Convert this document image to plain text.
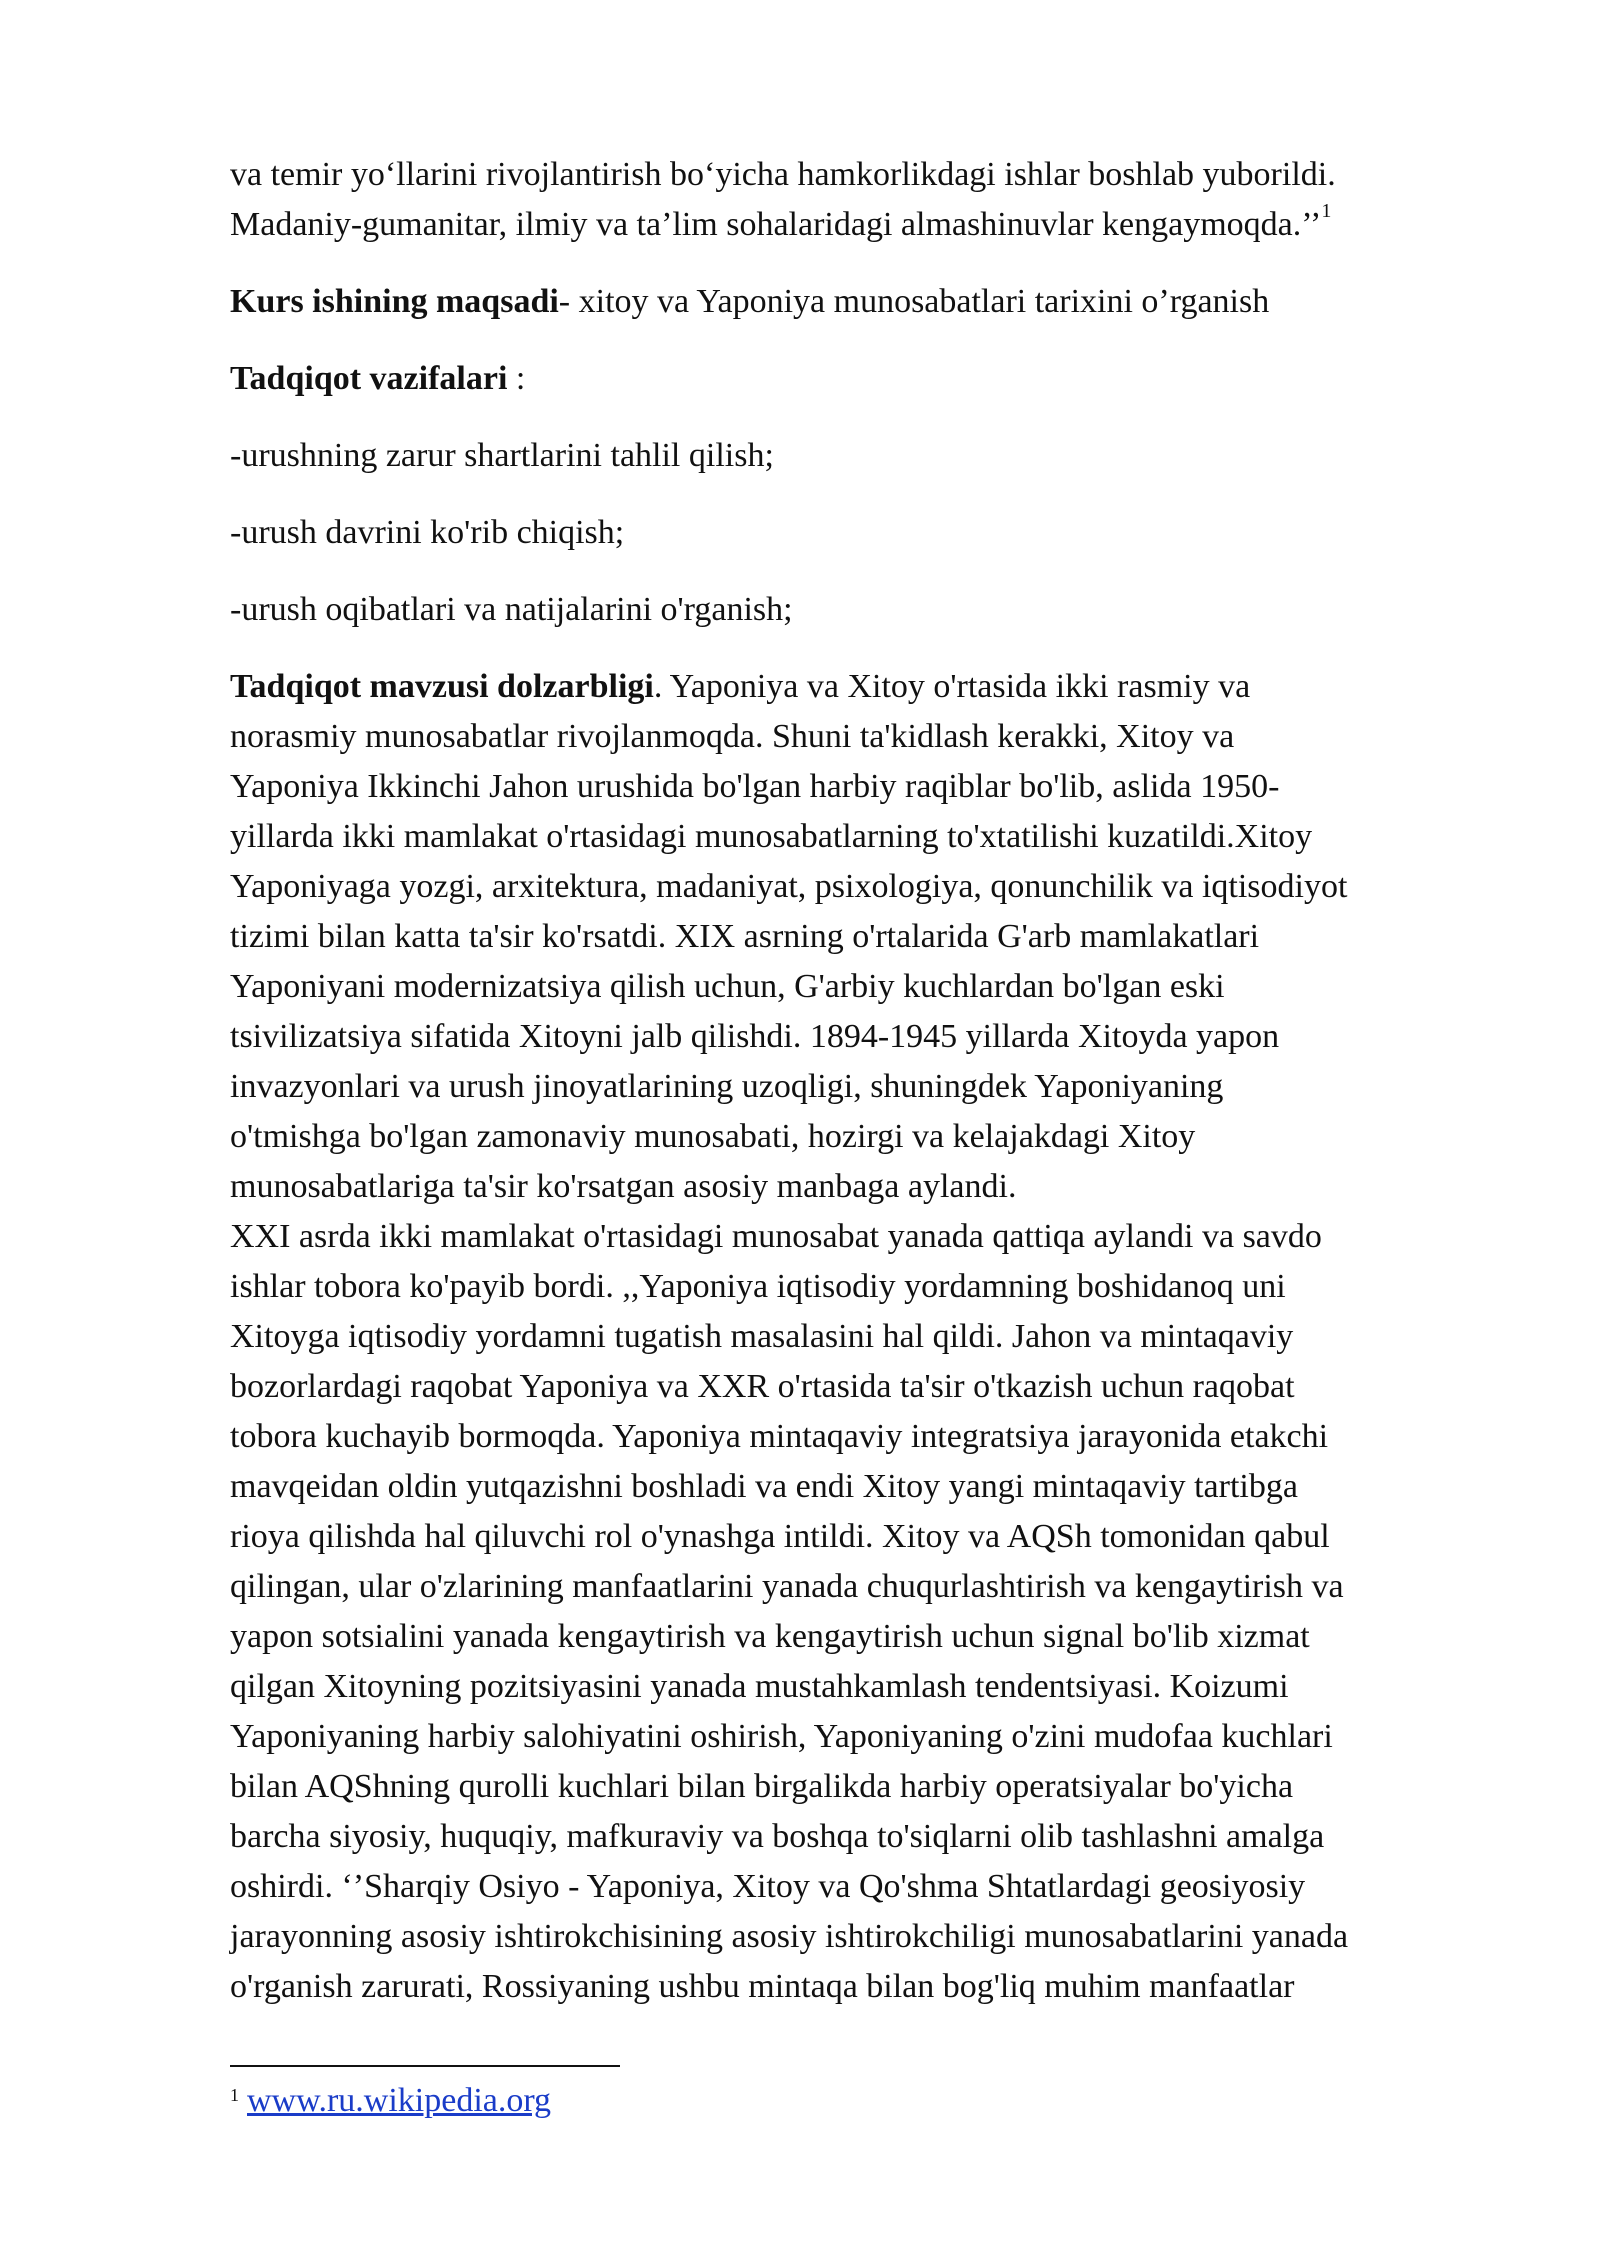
va temir yo‘llarini rivojlantirish bo‘yicha hamkorlikdagi ishlar boshlab yuborildi.

Madaniy-gumanitar, ilmiy va ta’lim sohalaridagi almashinuvlar kengaymoqda.’’$^1$

Kurs ishining maqsadi- xitoy va Yaponiya munosabatlari tarixini o’rganish

Tadqiqot vazifalari :

-urushning zarur shartlarini tahlil qilish;

-urush davrini ko'rib chiqish;

-urush oqibatlari va natijalarini o'rganish;

Tadqiqot mavzusi dolzarbligi. Yaponiya va Xitoy o'rtasida ikki rasmiy va

norasmiy munosabatlar rivojlanmoqda. Shuni ta'kidlash kerakki, Xitoy va

Yaponiya Ikkinchi Jahon urushida bo'lgan harbiy raqiblar bo'lib, aslida 1950-

yillarda ikki mamlakat o'rtasidagi munosabatlarning to'xtatilishi kuzatildi.Xitoy

Yaponiyaga yozgi, arxitektura, madaniyat, psixologiya, qonunchilik va iqtisodiyot

tizimi bilan katta ta'sir ko'rsatdi. XIX asrning o'rtalarida G'arb mamlakatlari

Yaponiyani modernizatsiya qilish uchun, G'arbiy kuchlardan bo'lgan eski

tsivilizatsiya sifatida Xitoyni jalb qilishdi. 1894-1945 yillarda Xitoyda yapon

invazyonlari va urush jinoyatlarining uzoqligi, shuningdek Yaponiyaning

o'tmishga bo'lgan zamonaviy munosabati, hozirgi va kelajakdagi Xitoy

munosabatlariga ta'sir ko'rsatgan asosiy manbaga aylandi.

XXI asrda ikki mamlakat o'rtasidagi munosabat yanada qattiqa aylandi va savdo

ishlar tobora ko'payib bordi. ,,Yaponiya iqtisodiy yordamning boshidanoq uni

Xitoyga iqtisodiy yordamni tugatish masalasini hal qildi. Jahon va mintaqaviy

bozorlardagi raqobat Yaponiya va XXR o'rtasida ta'sir o'tkazish uchun raqobat

tobora kuchayib bormoqda. Yaponiya mintaqaviy integratsiya jarayonida etakchi

mavqeidan oldin yutqazishni boshladi va endi Xitoy yangi mintaqaviy tartibga

rioya qilishda hal qiluvchi rol o'ynashga intildi. Xitoy va AQSh tomonidan qabul

qilingan, ular o'zlarining manfaatlarini yanada chuqurlashtirish va kengaytirish va

yapon sotsialini yanada kengaytirish va kengaytirish uchun signal bo'lib xizmat

qilgan Xitoyning pozitsiyasini yanada mustahkamlash tendentsiyasi. Koizumi

Yaponiyaning harbiy salohiyatini oshirish, Yaponiyaning o'zini mudofaa kuchlari

bilan AQShning qurolli kuchlari bilan birgalikda harbiy operatsiyalar bo'yicha

barcha siyosiy, huquqiy, mafkuraviy va boshqa to'siqlarni olib tashlashni amalga

oshirdi. ‘’Sharqiy Osiyo - Yaponiya, Xitoy va Qo'shma Shtatlardagi geosiyosiy

jarayonning asosiy ishtirokchisining asosiy ishtirokchiligi munosabatlarini yanada

o'rganish zarurati, Rossiyaning ushbu mintaqa bilan bog'liq muhim manfaatlar

$^1$ www.ru.wikipedia.org
